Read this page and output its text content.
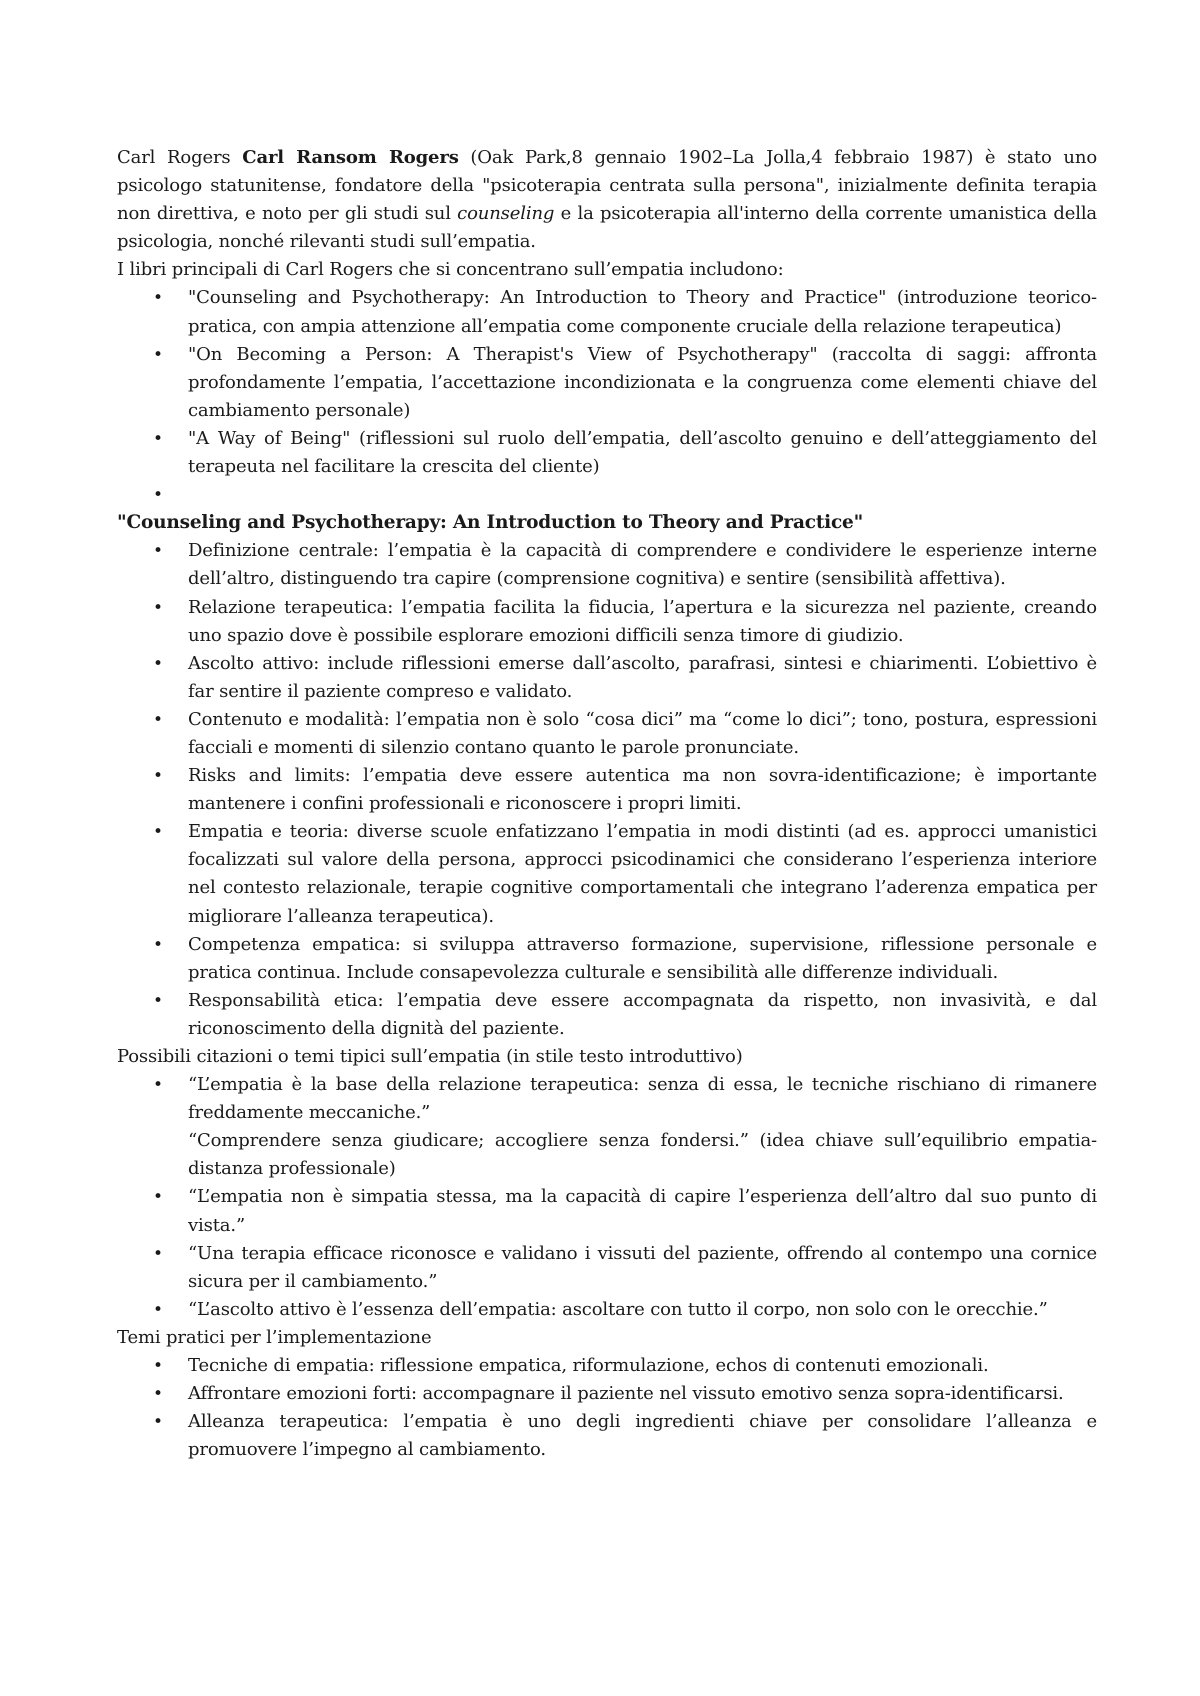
Carl Rogers Carl Ransom Rogers (Oak Park,8 gennaio 1902–La Jolla,4 febbraio 1987) è stato uno psicologo statunitense, fondatore della "psicoterapia centrata sulla persona", inizialmente definita terapia non direttiva, e noto per gli studi sul counseling e la psicoterapia all'interno della corrente umanistica della psicologia, nonché rilevanti studi sull’empatia.

I libri principali di Carl Rogers che si concentrano sull’empatia includono:

• "Counseling and Psychotherapy: An Introduction to Theory and Practice" (introduzione teorico-pratica, con ampia attenzione all’empatia come componente cruciale della relazione terapeutica)
• "On Becoming a Person: A Therapist's View of Psychotherapy" (raccolta di saggi: affronta profondamente l’empatia, l’accettazione incondizionata e la congruenza come elementi chiave del cambiamento personale)
• "A Way of Being" (riflessioni sul ruolo dell’empatia, dell’ascolto genuino e dell’atteggiamento del terapeuta nel facilitare la crescita del cliente)
•

"Counseling and Psychotherapy: An Introduction to Theory and Practice"

• Definizione centrale: l’empatia è la capacità di comprendere e condividere le esperienze interne dell’altro, distinguendo tra capire (comprensione cognitiva) e sentire (sensibilità affettiva).
• Relazione terapeutica: l’empatia facilita la fiducia, l’apertura e la sicurezza nel paziente, creando uno spazio dove è possibile esplorare emozioni difficili senza timore di giudizio.
• Ascolto attivo: include riflessioni emerse dall’ascolto, parafrasi, sintesi e chiarimenti. L’obiettivo è far sentire il paziente compreso e validato.
• Contenuto e modalità: l’empatia non è solo “cosa dici” ma “come lo dici”; tono, postura, espressioni facciali e momenti di silenzio contano quanto le parole pronunciate.
• Risks and limits: l’empatia deve essere autentica ma non sovra-identificazione; è importante mantenere i confini professionali e riconoscere i propri limiti.
• Empatia e teoria: diverse scuole enfatizzano l’empatia in modi distinti (ad es. approcci umanistici focalizzati sul valore della persona, approcci psicodinamici che considerano l’esperienza interiore nel contesto relazionale, terapie cognitive comportamentali che integrano l’aderenza empatica per migliorare l’alleanza terapeutica).
• Competenza empatica: si sviluppa attraverso formazione, supervisione, riflessione personale e pratica continua. Include consapevolezza culturale e sensibilità alle differenze individuali.
• Responsabilità etica: l’empatia deve essere accompagnata da rispetto, non invasività, e dal riconoscimento della dignità del paziente.

Possibili citazioni o temi tipici sull’empatia (in stile testo introduttivo)

• “L’empatia è la base della relazione terapeutica: senza di essa, le tecniche rischiano di rimanere freddamente meccaniche.”
“Comprendere senza giudicare; accogliere senza fondersi.” (idea chiave sull’equilibrio empatia-distanza professionale)
• “L’empatia non è simpatia stessa, ma la capacità di capire l’esperienza dell’altro dal suo punto di vista.”
• “Una terapia efficace riconosce e validano i vissuti del paziente, offrendo al contempo una cornice sicura per il cambiamento.”
• “L’ascolto attivo è l’essenza dell’empatia: ascoltare con tutto il corpo, non solo con le orecchie.”

Temi pratici per l’implementazione

• Tecniche di empatia: riflessione empatica, riformulazione, echos di contenuti emozionali.
• Affrontare emozioni forti: accompagnare il paziente nel vissuto emotivo senza sopra-identificarsi.
• Alleanza terapeutica: l’empatia è uno degli ingredienti chiave per consolidare l’alleanza e promuovere l’impegno al cambiamento.
